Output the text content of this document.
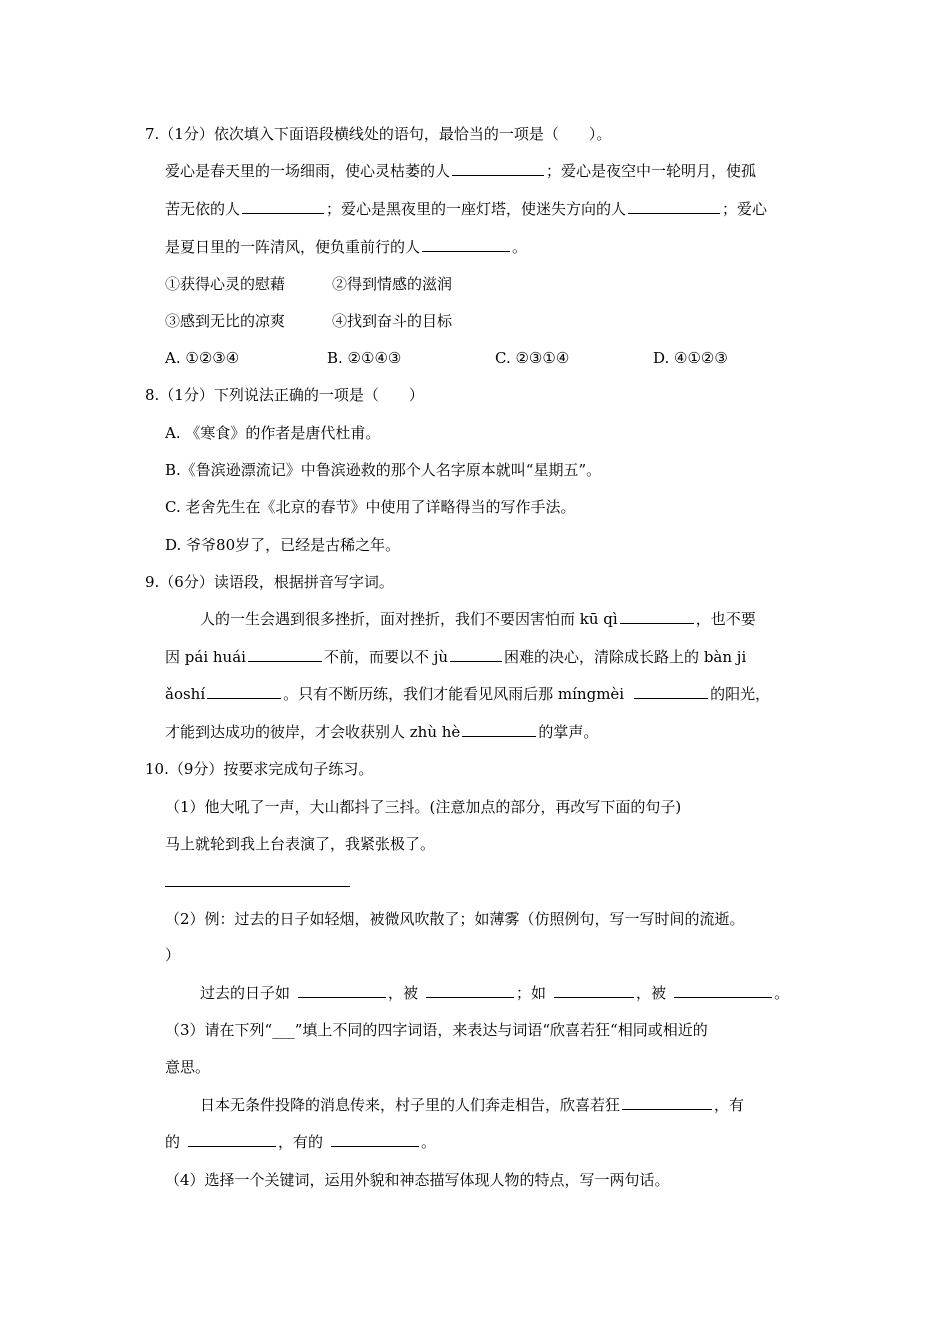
7.（1分）依次填入下面语段横线处的语句，最恰当的一项是（　　）。
爱心是春天里的一场细雨，使心灵枯萎的人	；爱心是夜空中一轮明月，使孤
苦无依的人	；爱心是黑夜里的一座灯塔，使迷失方向的人	；爱心
是夏日里的一阵清风，便负重前行的人	。
①获得心灵的慰藉	②得到情感的滋润
③感到无比的凉爽	④找到奋斗的目标
A. ①②③④	B. ②①④③	C. ②③①④	D. ④①②③
8.（1分）下列说法正确的一项是（　　）
A. 《寒食》的作者是唐代杜甫。
B.《鲁滨逊漂流记》中鲁滨逊救的那个人名字原本就叫“星期五”。
C. 老舍先生在《北京的春节》中使用了详略得当的写作手法。
D. 爷爷80岁了，已经是古稀之年。
9.（6分）读语段，根据拼音写字词。
人的一生会遇到很多挫折，面对挫折，我们不要因害怕而 kū qì	，也不要
因 pái huái	不前，而要以不 jù	困难的决心，清除成长路上的 bàn ji
ǎoshí	。只有不断历练，我们才能看见风雨后那 míngmèi	的阳光，
才能到达成功的彼岸，才会收获别人 zhù hè	的掌声。
10.（9分）按要求完成句子练习。
（1）他大吼了一声，大山都抖了三抖。(注意加点的部分，再改写下面的句子)
马上就轮到我上台表演了，我紧张极了。
（2）例：过去的日子如轻烟，被微风吹散了；如薄雾（仿照例句，写一写时间的流逝。
）
过去的日子如	，被	；如	，被	。
（3）请在下列“___”填上不同的四字词语，来表达与词语“欣喜若狂“相同或相近的
意思。
日本无条件投降的消息传来，村子里的人们奔走相告，欣喜若狂	，有
的	，有的	。
（4）选择一个关键词，运用外貌和神态描写体现人物的特点，写一两句话。
